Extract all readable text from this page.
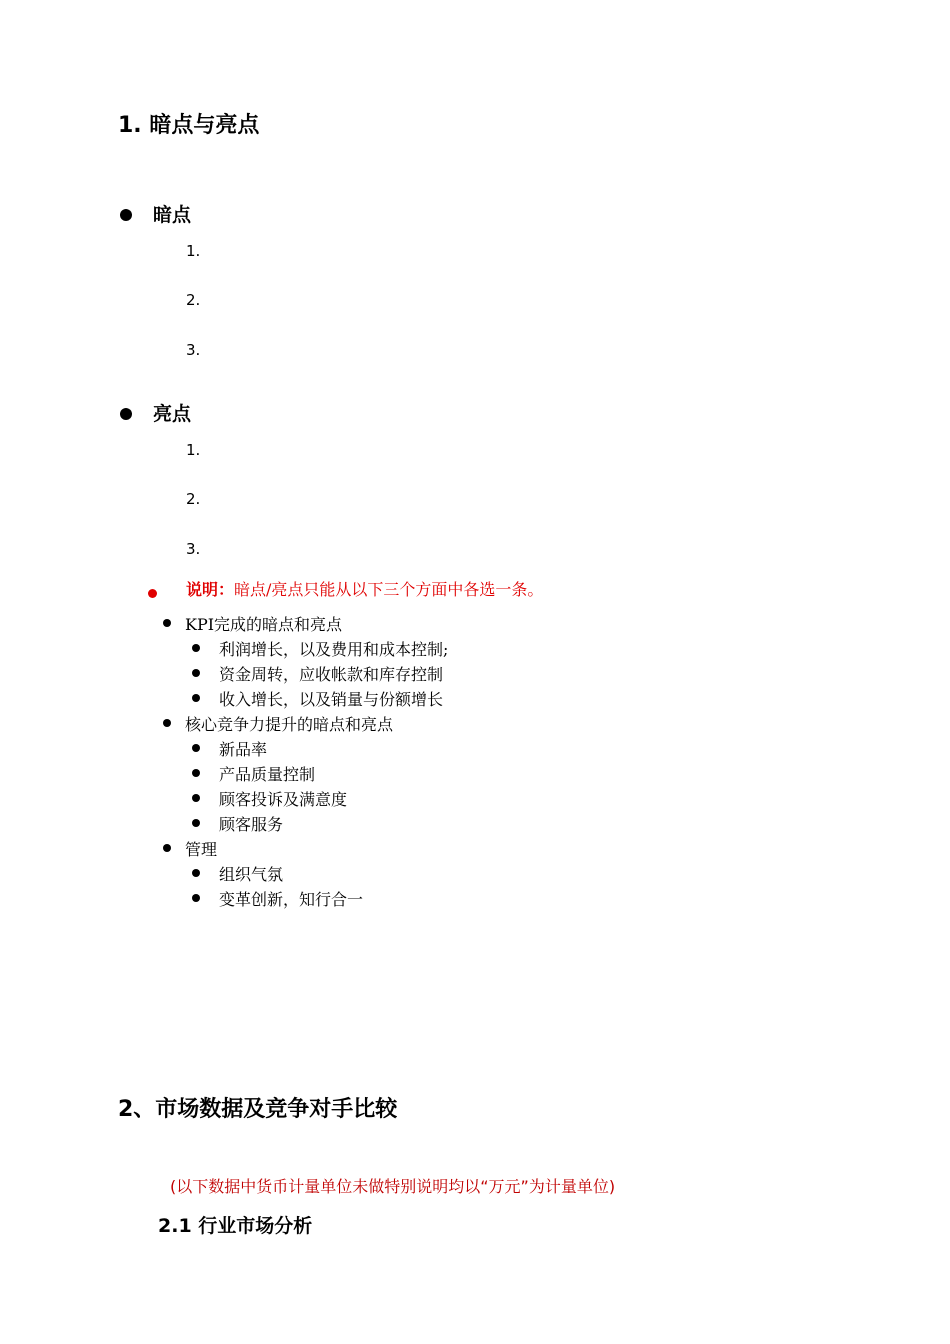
1. 暗点与亮点
暗点
1.
2.
3.
亮点
1.
2.
3.
说明：暗点/亮点只能从以下三个方面中各选一条。
KPI完成的暗点和亮点
利润增长，以及费用和成本控制;
资金周转，应收帐款和库存控制
收入增长，以及销量与份额增长
核心竞争力提升的暗点和亮点
新品率
产品质量控制
顾客投诉及满意度
顾客服务
管理
组织气氛
变革创新，知行合一
2、市场数据及竞争对手比较
(以下数据中货币计量单位未做特别说明均以“万元”为计量单位)
2.1 行业市场分析
